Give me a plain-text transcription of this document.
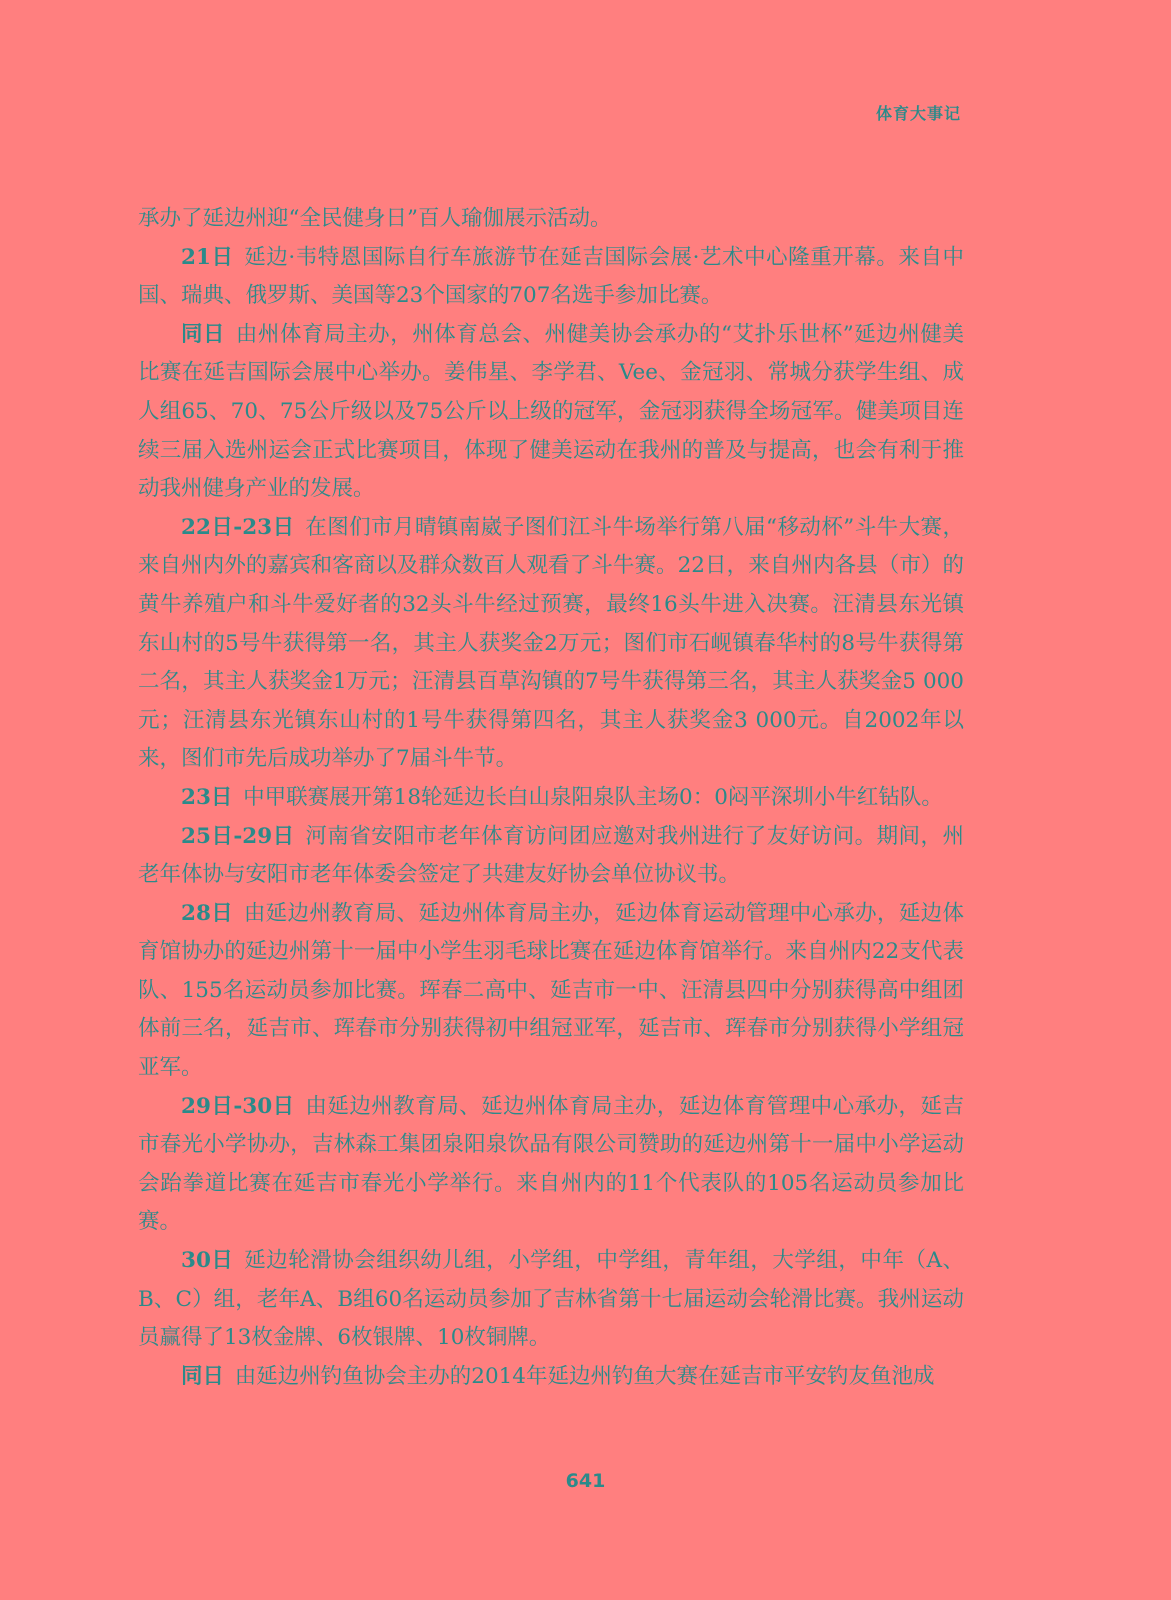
体育大事记

承办了延边州迎“全民健身日”百人瑜伽展示活动。

21日 延边·韦特恩国际自行车旅游节在延吉国际会展·艺术中心隆重开幕。来自中国、瑞典、俄罗斯、美国等23个国家的707名选手参加比赛。

同日 由州体育局主办，州体育总会、州健美协会承办的“艾扑乐世杯”延边州健美比赛在延吉国际会展中心举办。姜伟星、李学君、Vee、金冠羽、常城分获学生组、成人组65、70、75公斤级以及75公斤以上级的冠军，金冠羽获得全场冠军。健美项目连续三届入选州运会正式比赛项目，体现了健美运动在我州的普及与提高，也会有利于推动我州健身产业的发展。

22日-23日 在图们市月晴镇南崴子图们江斗牛场举行第八届“移动杯”斗牛大赛，来自州内外的嘉宾和客商以及群众数百人观看了斗牛赛。22日，来自州内各县（市）的黄牛养殖户和斗牛爱好者的32头斗牛经过预赛，最终16头牛进入决赛。汪清县东光镇东山村的5号牛获得第一名，其主人获奖金2万元；图们市石岘镇春华村的8号牛获得第二名，其主人获奖金1万元；汪清县百草沟镇的7号牛获得第三名，其主人获奖金5 000元；汪清县东光镇东山村的1号牛获得第四名，其主人获奖金3 000元。自2002年以来，图们市先后成功举办了7届斗牛节。

23日 中甲联赛展开第18轮延边长白山泉阳泉队主场0：0闷平深圳小牛红钻队。

25日-29日 河南省安阳市老年体育访问团应邀对我州进行了友好访问。期间，州老年体协与安阳市老年体委会签定了共建友好协会单位协议书。

28日 由延边州教育局、延边州体育局主办，延边体育运动管理中心承办，延边体育馆协办的延边州第十一届中小学生羽毛球比赛在延边体育馆举行。来自州内22支代表队、155名运动员参加比赛。珲春二高中、延吉市一中、汪清县四中分别获得高中组团体前三名，延吉市、珲春市分别获得初中组冠亚军，延吉市、珲春市分别获得小学组冠亚军。

29日-30日 由延边州教育局、延边州体育局主办，延边体育管理中心承办，延吉市春光小学协办，吉林森工集团泉阳泉饮品有限公司赞助的延边州第十一届中小学运动会跆拳道比赛在延吉市春光小学举行。来自州内的11个代表队的105名运动员参加比赛。

30日 延边轮滑协会组织幼儿组，小学组，中学组，青年组，大学组，中年（A、B、C）组，老年A、B组60名运动员参加了吉林省第十七届运动会轮滑比赛。我州运动员赢得了13枚金牌、6枚银牌、10枚铜牌。

同日 由延边州钓鱼协会主办的2014年延边州钓鱼大赛在延吉市平安钓友鱼池成

641
